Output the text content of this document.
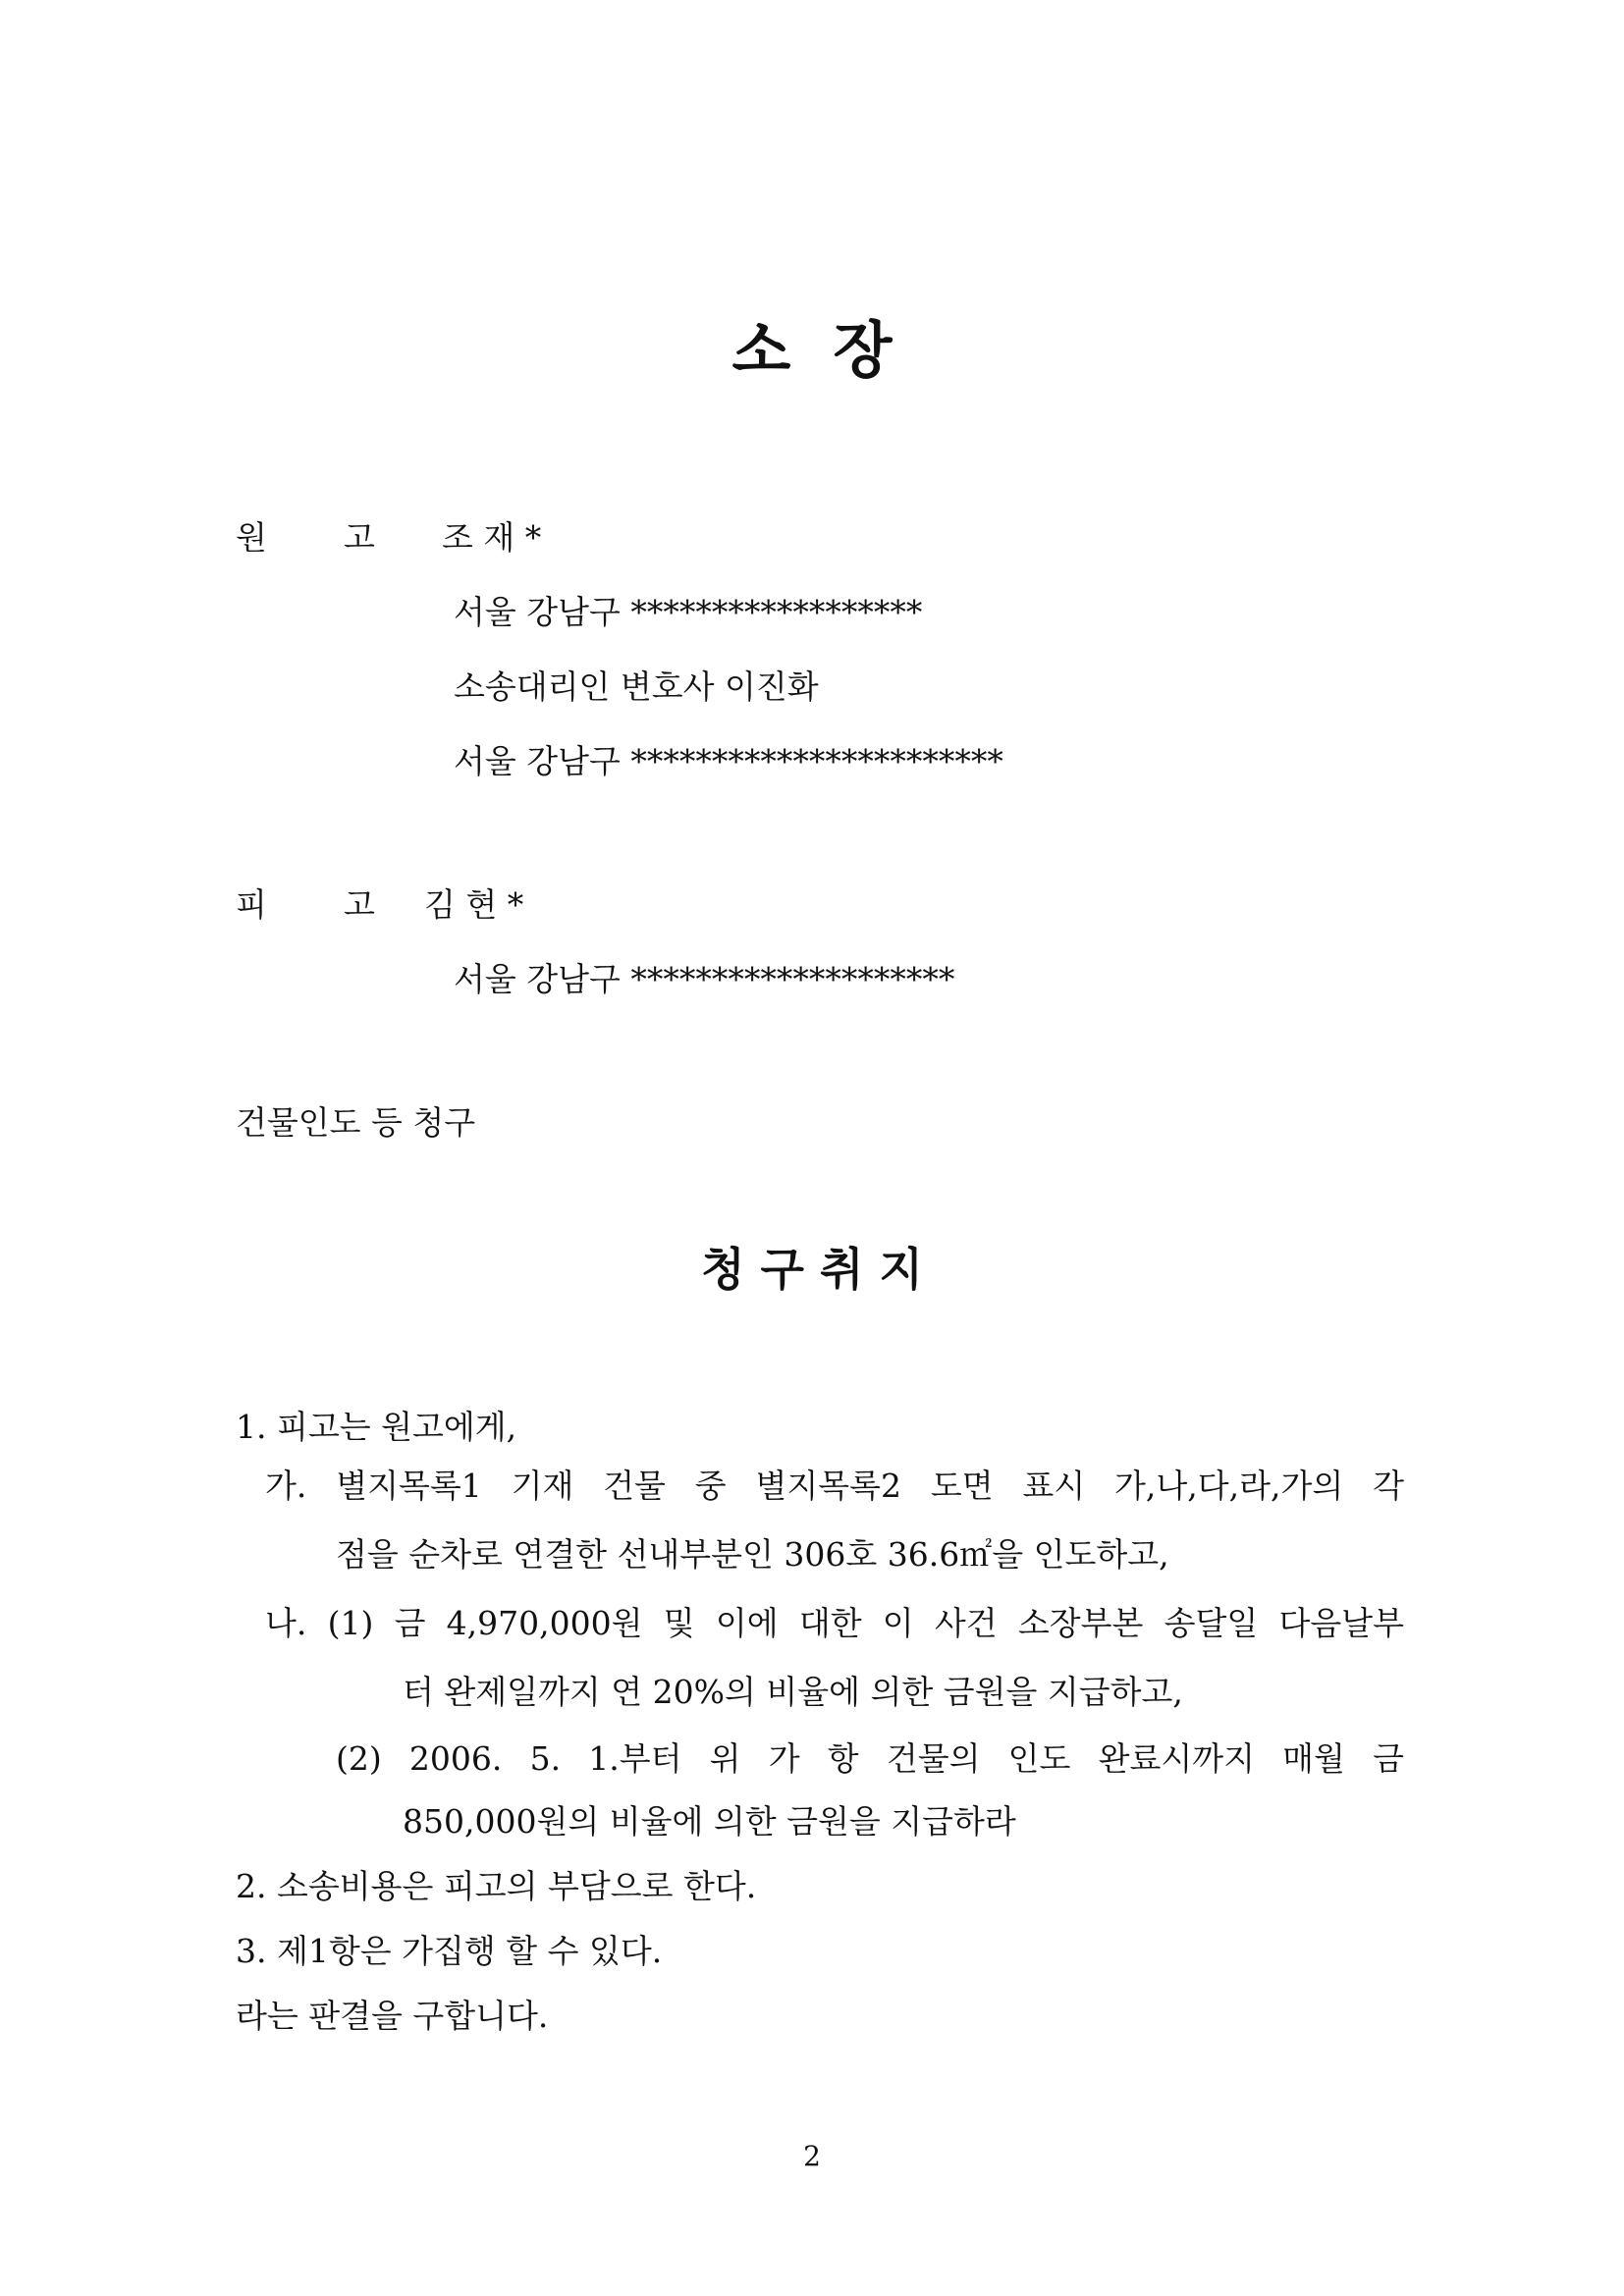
소  장
원 고 조 재 *
서울 강남구 ******************
소송대리인 변호사 이진화
서울 강남구 ***********************
피 고 김 현 *
서울 강남구 ********************
건물인도 등 청구
청 구 취 지
1. 피고는 원고에게,
가. 별지목록1 기재 건물 중 별지목록2 도면 표시 가,나,다,라,가의 각
점을 순차로 연결한 선내부분인 306호 36.6㎡을 인도하고,
나. (1) 금 4,970,000원 및 이에 대한 이 사건 소장부본 송달일 다음날부
터 완제일까지 연 20%의 비율에 의한 금원을 지급하고,
(2) 2006. 5. 1.부터 위 가 항 건물의 인도 완료시까지 매월 금
850,000원의 비율에 의한 금원을 지급하라
2. 소송비용은 피고의 부담으로 한다.
3. 제1항은 가집행 할 수 있다.
라는 판결을 구합니다.
2
